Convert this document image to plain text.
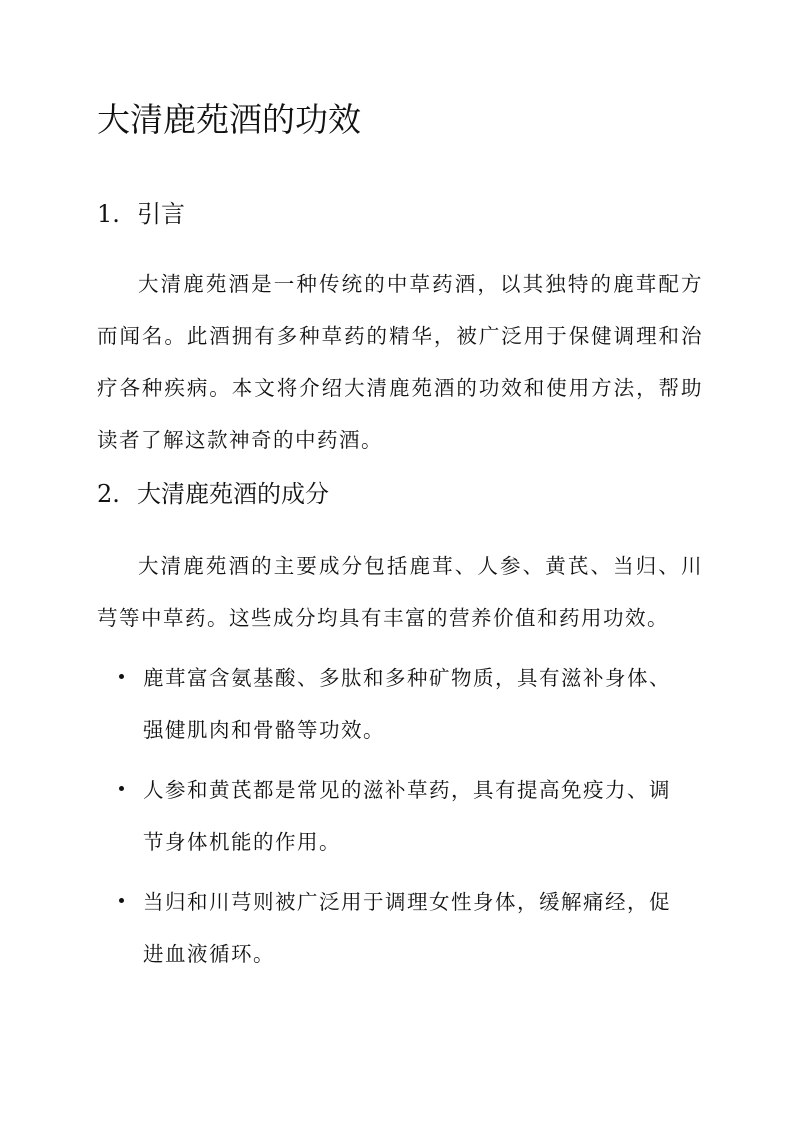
大清鹿苑酒的功效
1. 引言

大清鹿苑酒是一种传统的中草药酒，以其独特的鹿茸配方而闻名。此酒拥有多种草药的精华，被广泛用于保健调理和治疗各种疾病。本文将介绍大清鹿苑酒的功效和使用方法，帮助读者了解这款神奇的中药酒。

2. 大清鹿苑酒的成分

大清鹿苑酒的主要成分包括鹿茸、人参、黄芪、当归、川芎等中草药。这些成分均具有丰富的营养价值和药用功效。

鹿茸富含氨基酸、多肽和多种矿物质，具有滋补身体、强健肌肉和骨骼等功效。

人参和黄芪都是常见的滋补草药，具有提高免疫力、调节身体机能的作用。

当归和川芎则被广泛用于调理女性身体，缓解痛经，促进血液循环。
